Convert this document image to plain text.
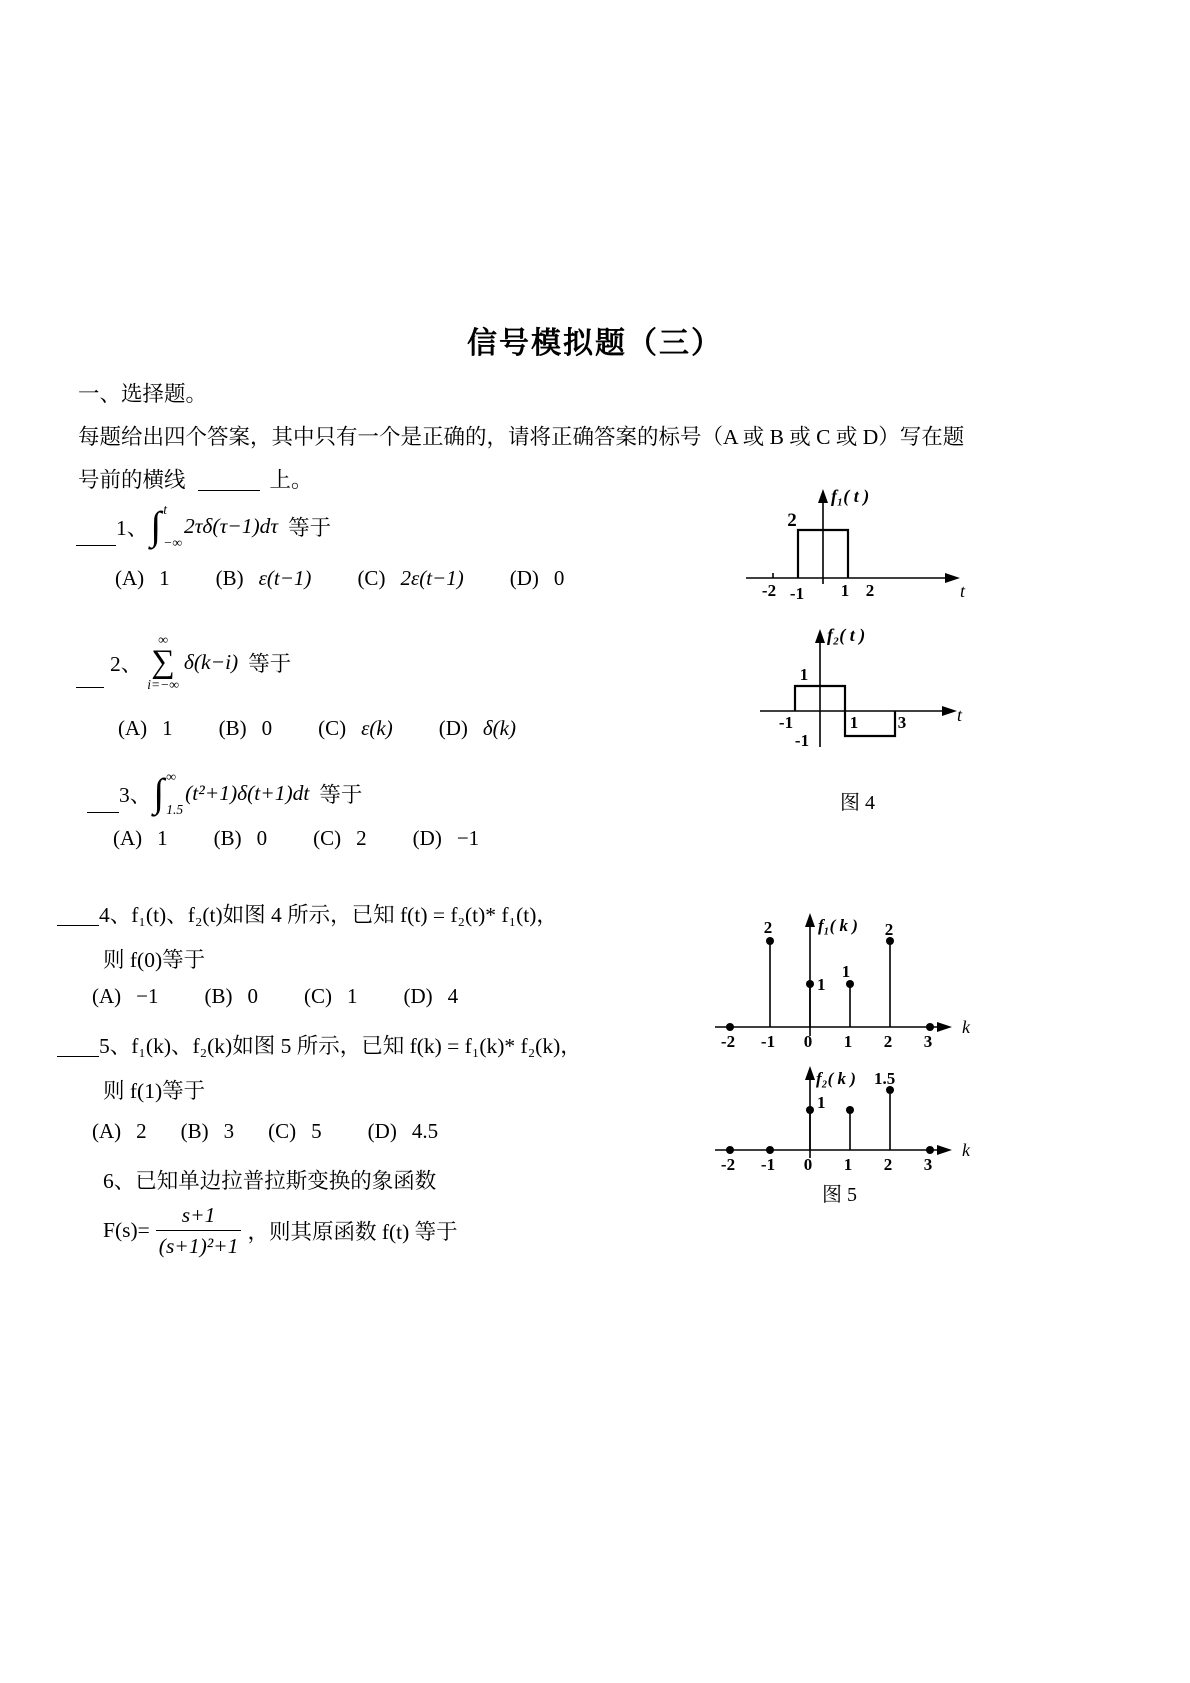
信号模拟题（三）
一、选择题。
每题给出四个答案，其中只有一个是正确的，请将正确答案的标号（A 或 B 或 C 或 D）写在题
号前的横线	上。
1、 ∫ t
−∞
2τδ(τ−1)dτ 等于
(A) 1 (B) ε(t−1) (C) 2ε(t−1) (D) 0
2、
∞
∑
i=−∞
δ(k−i) 等于
(A) 1 (B) 0 (C) ε(k) (D) δ(k)
3、 ∫ ∞
1.5
(t²+1)δ(t+1)dt 等于
(A) 1 (B) 0 (C) 2 (D) −1
4、f₁(t)、f₂(t)如图 4 所示，已知 f(t) = f₂(t)* f₁(t)，
则 f(0)等于
(A) −1 (B) 0 (C) 1 (D) 4
5、f₁(k)、f₂(k)如图 5 所示，已知 f(k) = f₁(k)* f₂(k)，
则 f(1)等于
(A) 2 (B) 3 (C) 5 (D) 4.5
6、已知单边拉普拉斯变换的象函数
$F(s)= \frac{s+1}{\text{(s+1)²+1}}$ ，则其原函数 f(t) 等于
2
f₁( t )
-2 -1 1 2	t
1
f₂( t )
-1	1 3
-1
t
图 4
2
1
1
2
f₁( k )
-2 -1 0 1 2 3
k
f₂( k ) 1.5
1
-2 -1 0 1 2 3
k
图 5
